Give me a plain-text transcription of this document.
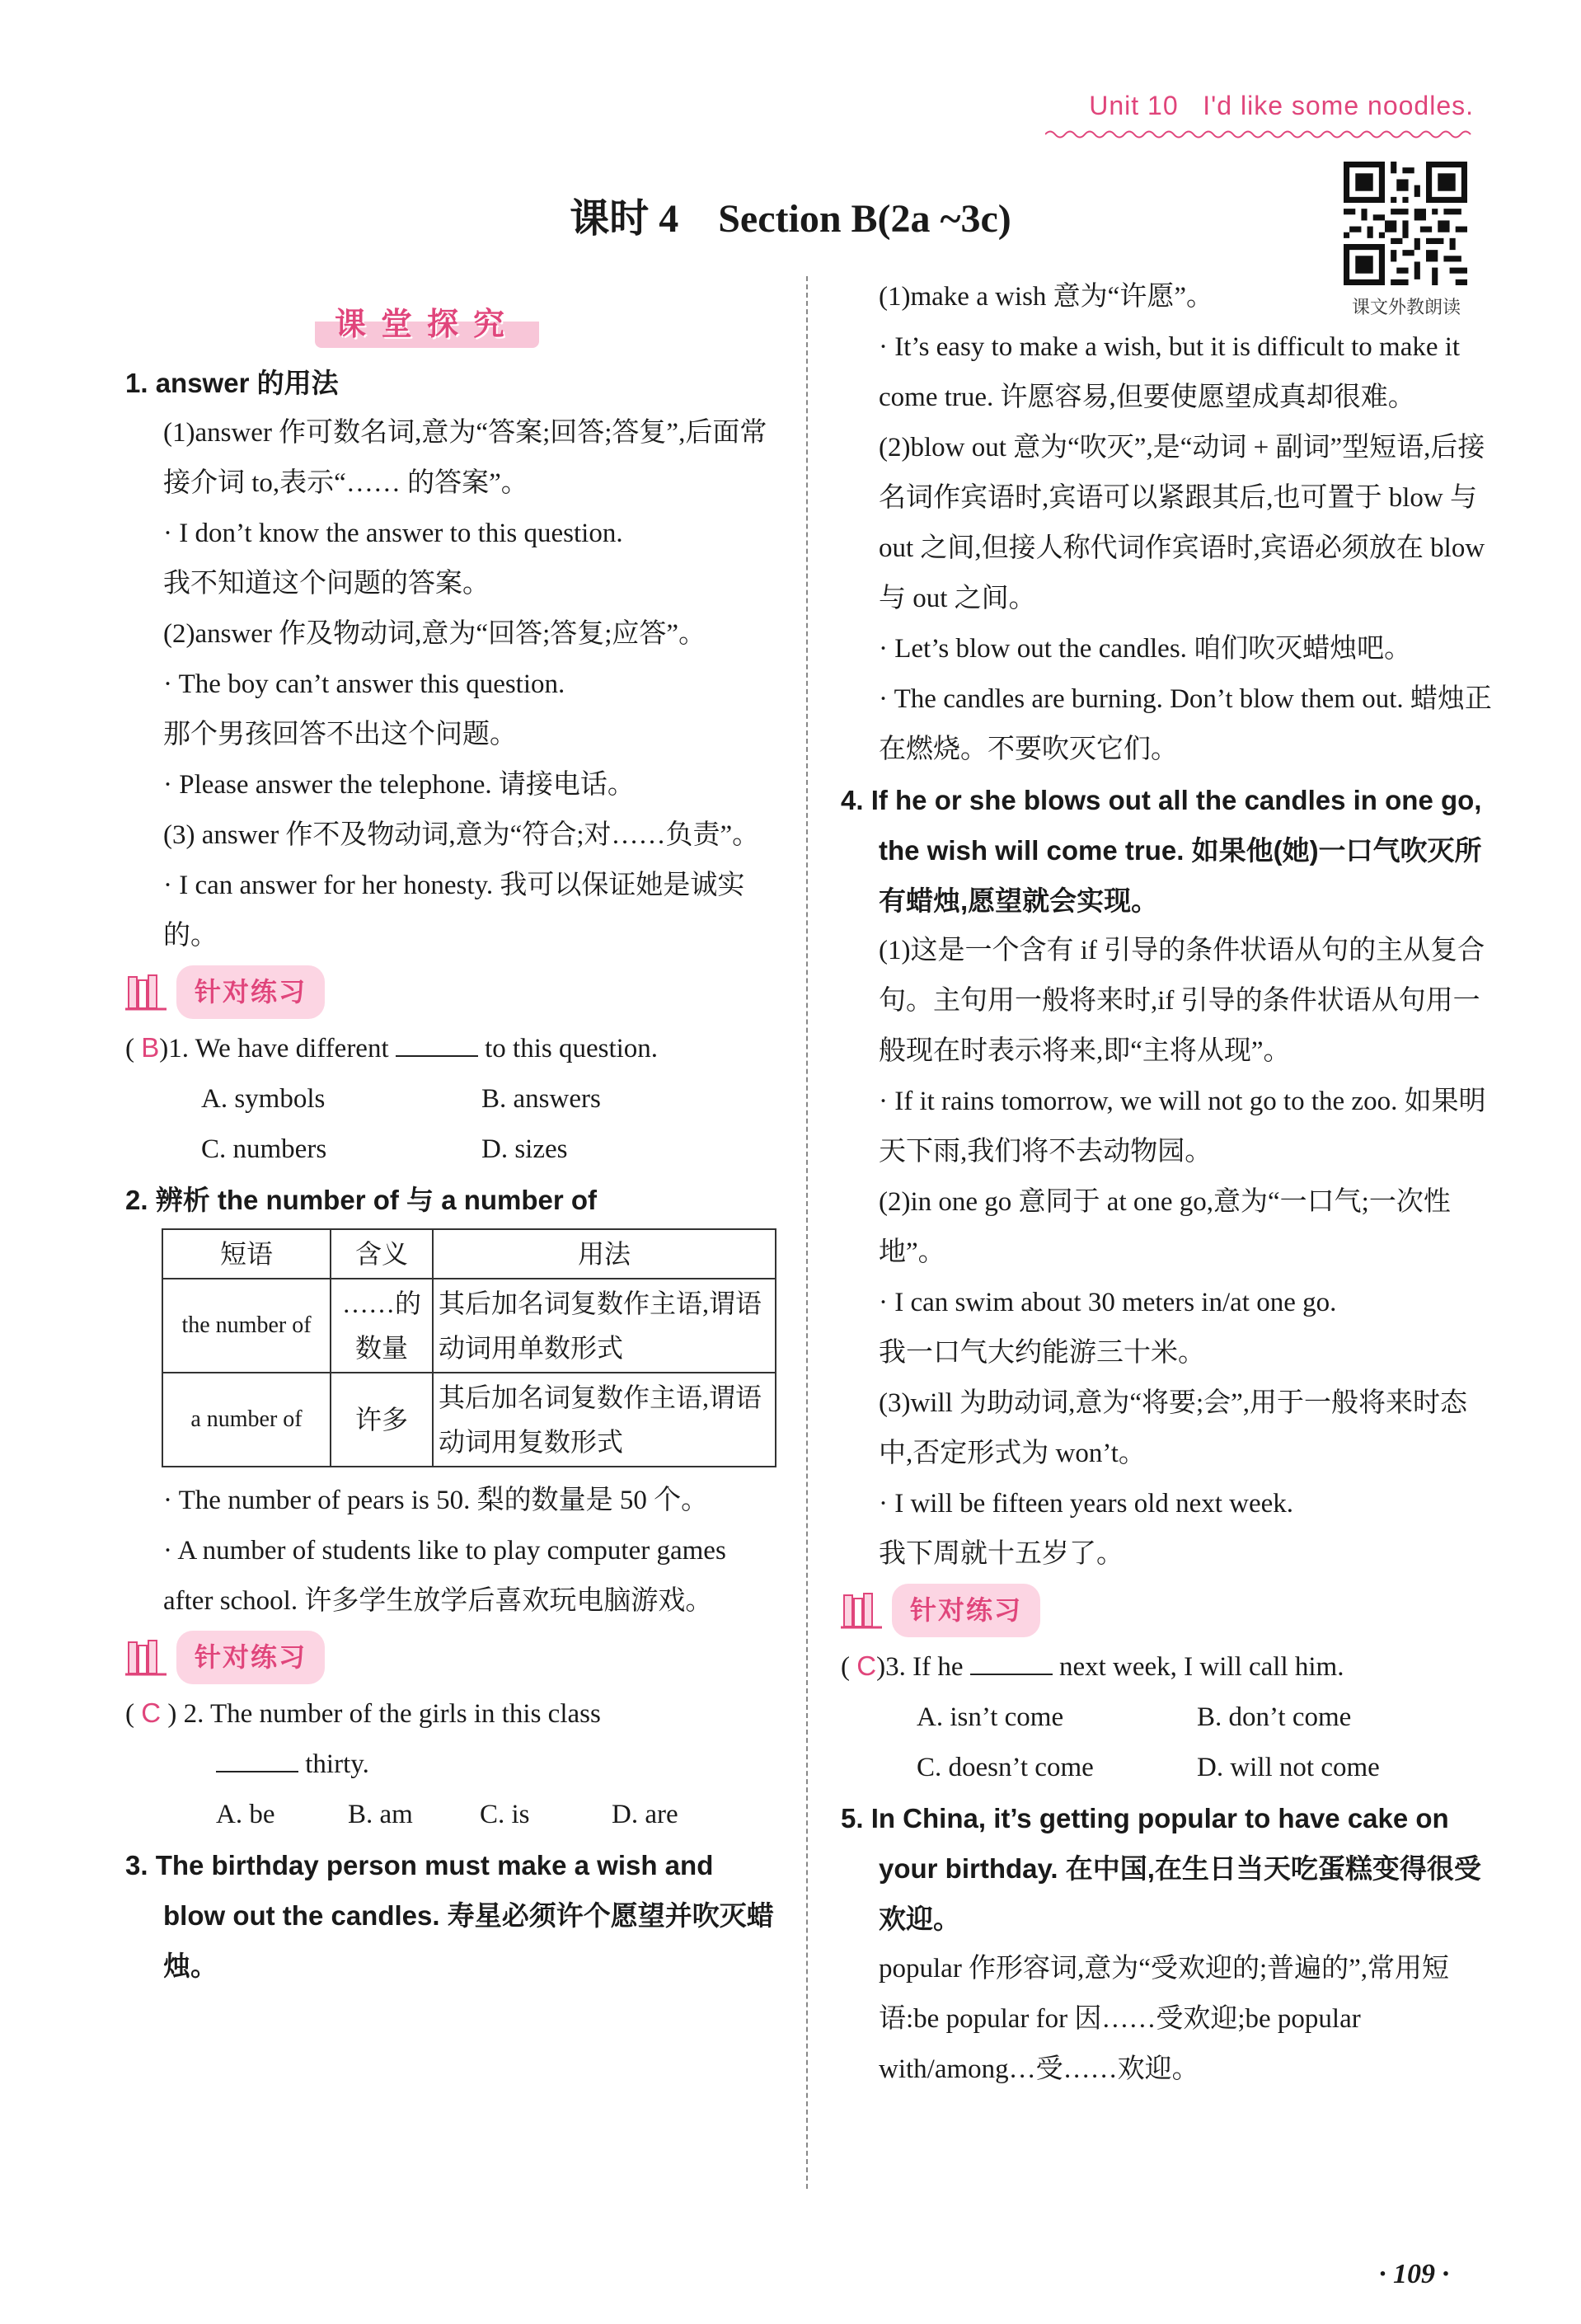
Unit 10 I'd like some noodles.
课文外教朗读
课时 4　Section B(2a ~3c)
课堂探究

1. answer 的用法

(1)answer 作可数名词,意为“答案;回答;答复”,后面常接介词 to,表示“…… 的答案”。

· I don’t know the answer to this question.

我不知道这个问题的答案。

(2)answer 作及物动词,意为“回答;答复;应答”。

· The boy can’t answer this question.

那个男孩回答不出这个问题。

· Please answer the telephone. 请接电话。

(3) answer 作不及物动词,意为“符合;对……负责”。

· I can answer for her honesty. 我可以保证她是诚实的。

针对练习

( B)1. We have different	to this question.

A. symbols	B. answers
C. numbers	D. sizes

2. 辨析 the number of 与 a number of

短语	含义	用法
the number of	……的数量	其后加名词复数作主语,谓语动词用单数形式
a number of	许多	其后加名词复数作主语,谓语动词用复数形式

· The number of pears is 50. 梨的数量是 50 个。

· A number of students like to play computer games after school. 许多学生放学后喜欢玩电脑游戏。

针对练习

( C ) 2. The number of the girls in this class

thirty.

A. be	B. am	C. is	D. are

3. The birthday person must make a wish and blow out the candles. 寿星必须许个愿望并吹灭蜡烛。

(1)make a wish 意为“许愿”。

· It’s easy to make a wish, but it is difficult to make it come true. 许愿容易,但要使愿望成真却很难。

(2)blow out 意为“吹灭”,是“动词 + 副词”型短语,后接名词作宾语时,宾语可以紧跟其后,也可置于 blow 与 out 之间,但接人称代词作宾语时,宾语必须放在 blow 与 out 之间。

· Let’s blow out the candles. 咱们吹灭蜡烛吧。

· The candles are burning. Don’t blow them out. 蜡烛正在燃烧。不要吹灭它们。

4. If he or she blows out all the candles in one go, the wish will come true. 如果他(她)一口气吹灭所有蜡烛,愿望就会实现。

(1)这是一个含有 if 引导的条件状语从句的主从复合句。主句用一般将来时,if 引导的条件状语从句用一般现在时表示将来,即“主将从现”。

· If it rains tomorrow, we will not go to the zoo. 如果明天下雨,我们将不去动物园。

(2)in one go 意同于 at one go,意为“一口气;一次性地”。

· I can swim about 30 meters in/at one go.

我一口气大约能游三十米。

(3)will 为助动词,意为“将要;会”,用于一般将来时态中,否定形式为 won’t。

· I will be fifteen years old next week.

我下周就十五岁了。

针对练习

( C)3. If he	next week, I will call him.

A. isn’t come	B. don’t come
C. doesn’t come	D. will not come

5. In China, it’s getting popular to have cake on your birthday. 在中国,在生日当天吃蛋糕变得很受欢迎。

popular 作形容词,意为“受欢迎的;普遍的”,常用短语:be popular for 因……受欢迎;be popular with/among…受……欢迎。

· 109 ·
